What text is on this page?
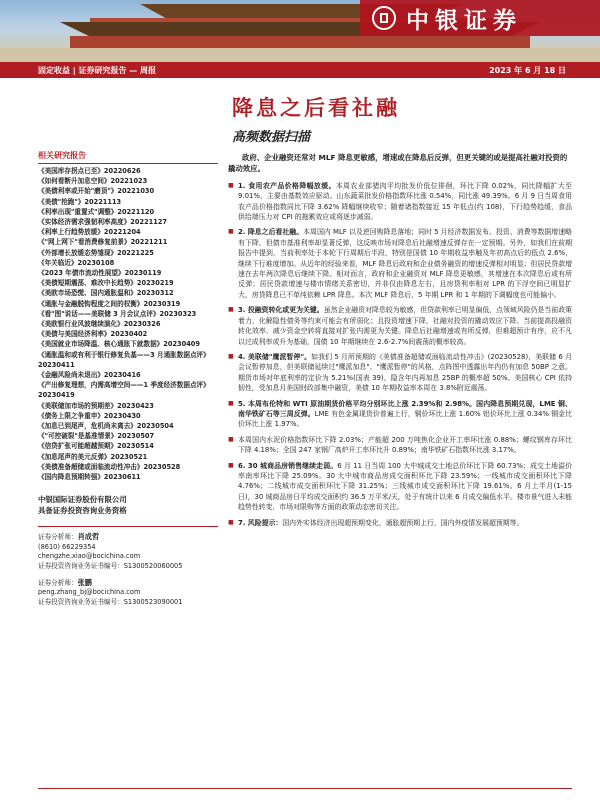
中银证券
固定收益 | 证券研究报告 — 周报	2023 年 6 月 18 日
降息之后看社融
高频数据扫描
相关研究报告
《美国库存拐点已至》20220626
《如何看断升加息空间》20221023
《美债利率或开始"磨顶"》20221030
《美债"抢跑"》20221113
《利率出现"重置式"调整》20221120
《实体经济需求强韧利率高度》20221127
《利率上行趋势放缓》20221204
《"网上网下"看消费修复前景》20221211
《外部增长放缓态势雏现》20221225
《年关临近》20230108
《2023 年债市流动性展望》20230119
《美债短期震荡、难改中长趋势》20230219
《美欧市场恐慌、国内通胀温和》20230312
《通胀与金融脱钩程度之间的权衡》20230319
《看"图"说话——美联储 3 月会议点评》20230323
《美欧银行业风波继续演化》20230326
《美债与美国经济利率》20230402
《美国就业市场降温、核心通胀下就数据》20230409
《通胀温和或有利于银行修复负基——3 月通胀数据点评》20230411
《金融风险尚未退出》20230416
《产出修复理想，内需高增空间——1 季度经济数据点评》20230419
《美联储加市场的预期差》20230423
《债务上限之争重申》20230430
《加息已到尾声，危机尚未离去》20230504
《"可控破裂"是基准情景》20230507
《信贷扩张可能超越预期》20230514
《加息尾声的美元反弹》20230521
《美债准备超储或面临流动性冲击》20230528
《国内降息预期转强》20230611
中银国际证券股份有限公司
具备证券投资咨询业务资格
证券分析师：肖成哲
(8610) 66229354
chengzhe.xiao@bocichina.com
证券投资咨询业务证书编号：S1300520060005
证券分析师：张鹏
peng.zhang_bj@bocichina.com
证券投资咨询业务证书编号：S1300523090001

政府、企业融资还常对 MLF 降息更敏感，增速或在降息后反弹，但更关键的或是提高社融对投资的撬动效应。

■ 1. 食用农产品价格降幅放缓。本周农业部猪肉平均批发价低位徘徊，环比下降 0.02%，同比降幅扩大至 9.01%，主要由基数效应驱动。山东蔬菜批发价格指数环比涨 0.54%，同比涨 49.39%。6 月 9 日当周食用农产品价格指数同比下降 3.62% 降幅继续收窄；随着诸指数接近 15 年低点(约 108)，下行趋势趋缓，食品供给端压力对 CPI 的拖累效应或将逐步减弱。
■ 2. 降息之后看社融。本周国内 MLF 以及逆回购降息落地；同时 5 月经济数据发布。投资、消费等数据增速略有下降，但债市基准利率却显著反弹，这反映市场对降息后社融增速反弹存在一定预期。另外，如我们在前期报告中提到，当前利率处于本轮下行周期后半段，特别是国债 10 年期收益率触及年初高点后的低点 2.6%，继续下行难度增加。从近年的经验来看，MLF 降息后政府和企业债务融资的增速反弹相对明显；但居民贷款增速在去年两次降息后继续下降。相对而言，政府和企业融资对 MLF 降息更敏感，其增速在本次降息后或有所反弹；居民贷款增速与楼市情绪关系密切，并非仅由降息左右，且房贷利率相对 LPR 的下浮空间已明显扩大，房贷降息已不单纯依赖 LPR 降息。本次 MLF 降息后，5 年期 LPR 和 1 年期的下调幅度也可能偏小。
■ 3. 投融资转化或更为关键。虽然企业融资对降息较为敏感，但贷款利率已明显偏低，点领域风险仍是当前政策着力，化解隐性债务等约束可能会有所弱化；且投资增速下降，社融对投资的撬动效应下降。当前提高投融资转化效率、减少资金空转将直接对扩张内需更为关键。降息后社融增速或有所反弹，但难超预计有序，应不凡以过成利率或升为基础，国债 10 年期继续在 2.6-2.7%间震荡的概率较高。
■ 4. 美联储"鹰派暂停"。如我们 5 月所预期的《美债准备超储或面临流动性冲击》(20230528)，美联储 6 月会议暂停加息，但美联储延续过"鹰派加息"、"鹰派暂停"的风格，点阵图中透露出年内仍有加息 50BP 之意。期货市场对年底利率的定价为 5.21%(国表 39)，隐含年内再加息 25BP 的概率超 50%。美国核心 CPI 依持韧性，受加息月美国财政部集中融资，美债 10 年期收益率本周在 3.8%附近震荡。
■ 5. 本周布伦特和 WTI 原油期货价格平均分别环比上涨 2.39%和 2.98%。国内降息预期兑现，LME 铜、南华铁矿石等三周反弹。LME 有色金属现货价普遍上行，铜价环比上涨 1.60% 铝价环比上涨 0.34% 铜金比价环比上涨 1.97%。
■ 本周国内水泥价格指数环比下降 2.03%；产能超 200 万吨焦化企业开工率环比涨 0.88%；螺纹钢库存环比下降 4.18%；全国 247 家钢厂高炉开工率环比升 0.89%；南华铁矿石指数环比涨 3.17%。
■ 6. 30 城商品房销售继续走弱。6 月 11 日当周 100 大中城成交土地总价环比下降 60.73%；成交土地溢价率南率环比下降 25.09%。30 大中城市商品房成交面积环比下降 23.59%；一线城市成交面积环比下降 4.76%；二线城市成交面积环比下降 31.25%；三线城市成交面积环比下降 19.61%。6 月上半月(1-15 日)，30 城商品房日平均成交面积约 36.5 万平米/天，处于有统计以来 6 月成交偏低水平。楼市景气进入未能趋势性转变，市场对限购等方面的政策动态密切关注。
■ 7. 风险提示：国内外实体经济出现超预期变化，通胀超预期上行，国内外疫情发展超预期等。
